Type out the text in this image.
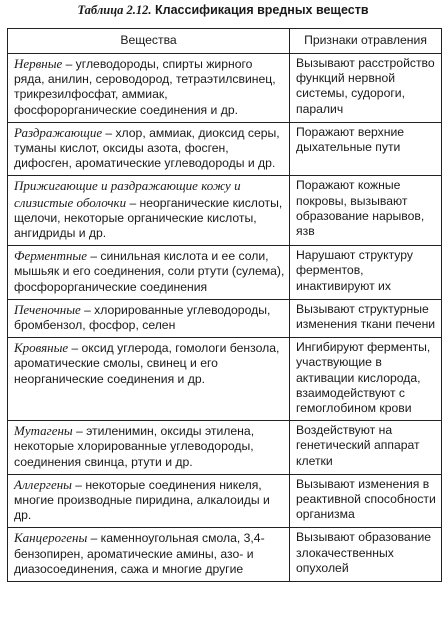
Таблица 2.12. Классификация вредных веществ
Вещества	Признаки отравления
Нервные – углеводороды, спирты жирного ряда, анилин, сероводород, тетраэтилсвинец, трикрезилфосфат, аммиак, фосфорорганические соединения и др.	Вызывают расстройство функций нервной системы, судороги, паралич
Раздражающие – хлор, аммиак, диоксид серы, туманы кислот, оксиды азота, фосген, дифосген, ароматические углеводороды и др.	Поражают верхние дыхательные пути
Прижигающие и раздражающие кожу и слизистые оболочки – неорганические кислоты, щелочи, некоторые органические кислоты, ангидриды и др.	Поражают кожные покровы, вызывают образование нарывов, язв
Ферментные – синильная кислота и ее соли, мышьяк и его соединения, соли ртути (сулема), фосфорорганические соединения	Нарушают структуру ферментов, инактивируют их
Печеночные – хлорированные углеводороды, бромбензол, фосфор, селен	Вызывают структурные изменения ткани печени
Кровяные – оксид углерода, гомологи бензола, ароматические смолы, свинец и его неорганические соединения и др.	Ингибируют ферменты, участвующие в активации кислорода, взаимодействуют с гемоглобином крови
Мутагены – этиленимин, оксиды этилена, некоторые хлорированные углеводороды, соединения свинца, ртути и др.	Воздействуют на генетический аппарат клетки
Аллергены – некоторые соединения никеля, многие производные пиридина, алкалоиды и др.	Вызывают изменения в реактивной способности организма
Канцерогены – каменноугольная смола, 3,4-бензопирен, ароматические амины, азо- и диазосоединения, сажа и многие другие	Вызывают образование злокачественных опухолей
